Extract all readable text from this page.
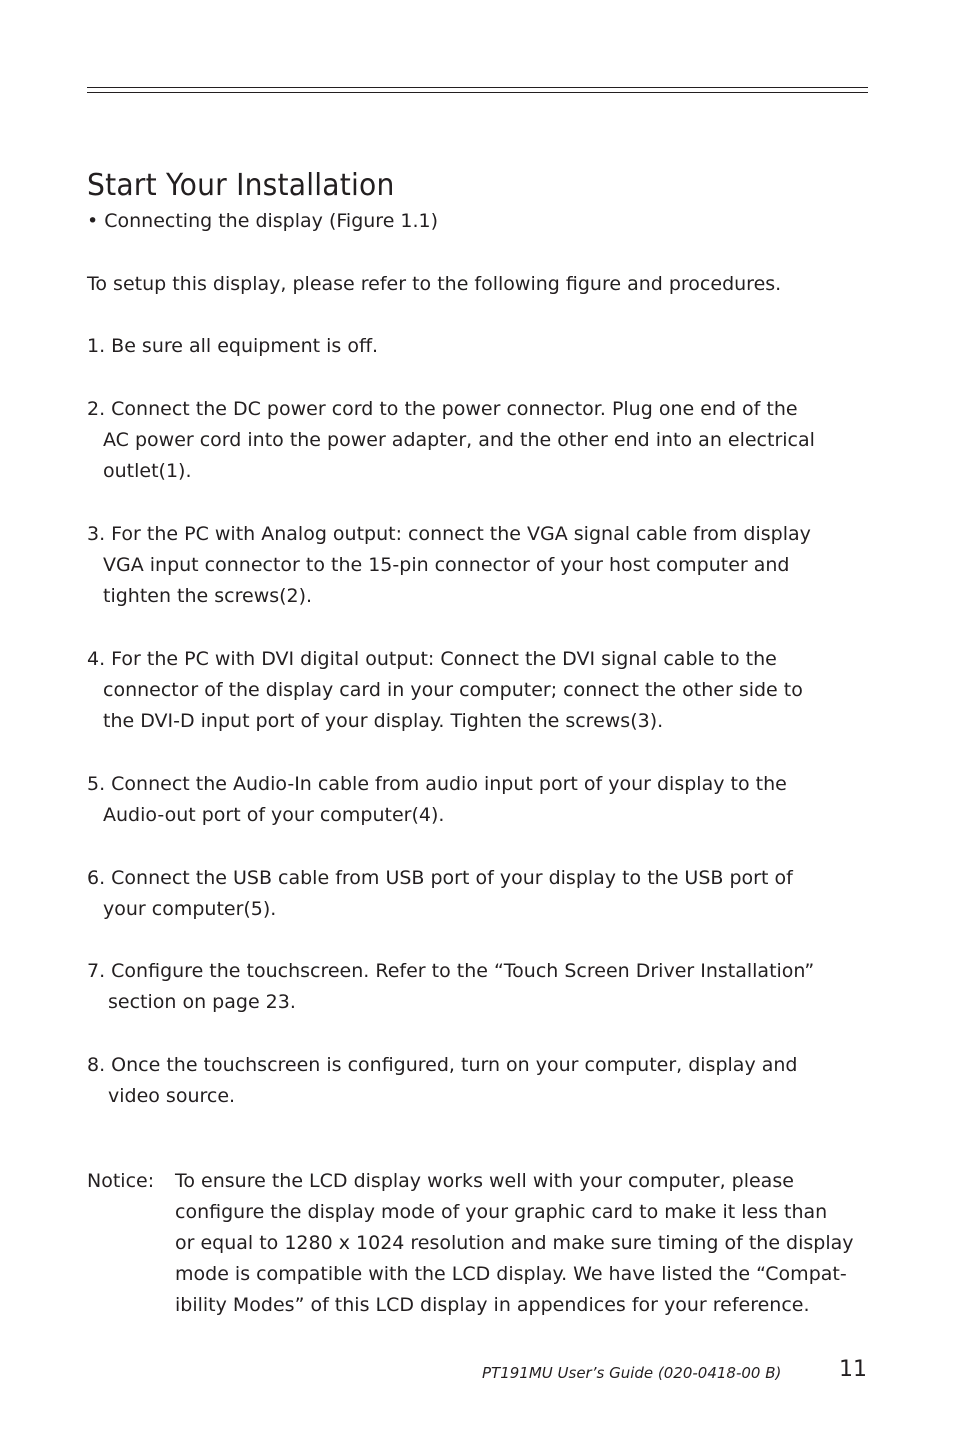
Start Your Installation
• Connecting the display (Figure 1.1)
To setup this display, please refer to the following figure and procedures.
1. Be sure all equipment is off.
2. Connect the DC power cord to the power connector. Plug one end of the
AC power cord into the power adapter, and the other end into an electrical
outlet(1).
3. For the PC with Analog output: connect the VGA signal cable from display
VGA input connector to the 15-pin connector of your host computer and
tighten the screws(2).
4. For the PC with DVI digital output: Connect the DVI signal cable to the
connector of the display card in your computer; connect the other side to
the DVI-D input port of your display. Tighten the screws(3).
5. Connect the Audio-In cable from audio input port of your display to the
Audio-out port of your computer(4).
6. Connect the USB cable from USB port of your display to the USB port of
your computer(5).
7. Configure the touchscreen. Refer to the “Touch Screen Driver Installation”
section on page 23.
8. Once the touchscreen is configured, turn on your computer, display and
video source.
Notice: To ensure the LCD display works well with your computer, please
configure the display mode of your graphic card to make it less than
or equal to 1280 x 1024 resolution and make sure timing of the display
mode is compatible with the LCD display. We have listed the “Compat-
ibility Modes” of this LCD display in appendices for your reference.
PT191MU User’s Guide (020-0418-00 B)	11
